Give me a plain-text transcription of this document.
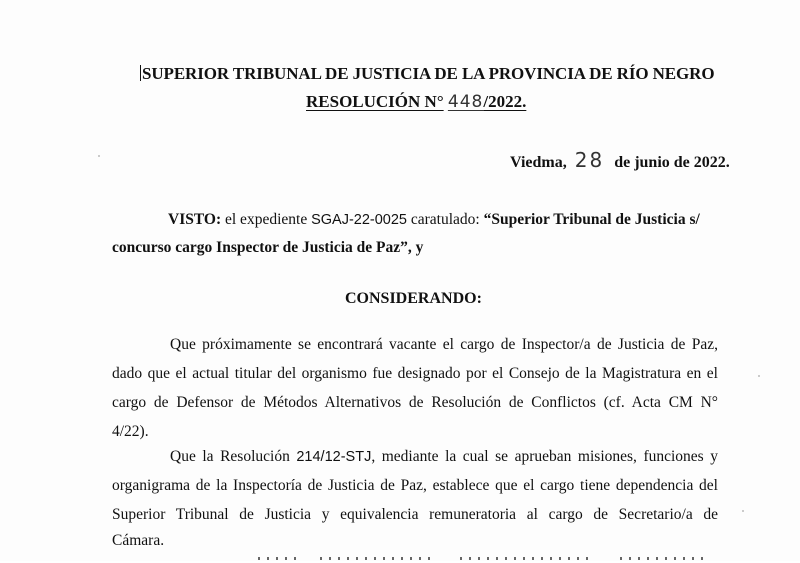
SUPERIOR TRIBUNAL DE JUSTICIA DE LA PROVINCIA DE RÍO NEGRO
RESOLUCIÓN N° 448/2022.
Viedma, 28 de junio de 2022.
VISTO: el expediente SGAJ-22-0025 caratulado: “Superior Tribunal de Justicia s/
concurso cargo Inspector de Justicia de Paz”, y
CONSIDERANDO:
Que próximamente se encontrará vacante el cargo de Inspector/a de Justicia de Paz,
dado que el actual titular del organismo fue designado por el Consejo de la Magistratura en el
cargo de Defensor de Métodos Alternativos de Resolución de Conflictos (cf. Acta CM N°
4/22).
Que la Resolución 214/12-STJ, mediante la cual se aprueban misiones, funciones y
organigrama de la Inspectoría de Justicia de Paz, establece que el cargo tiene dependencia del
Superior Tribunal de Justicia y equivalencia remuneratoria al cargo de Secretario/a de
Cámara.
